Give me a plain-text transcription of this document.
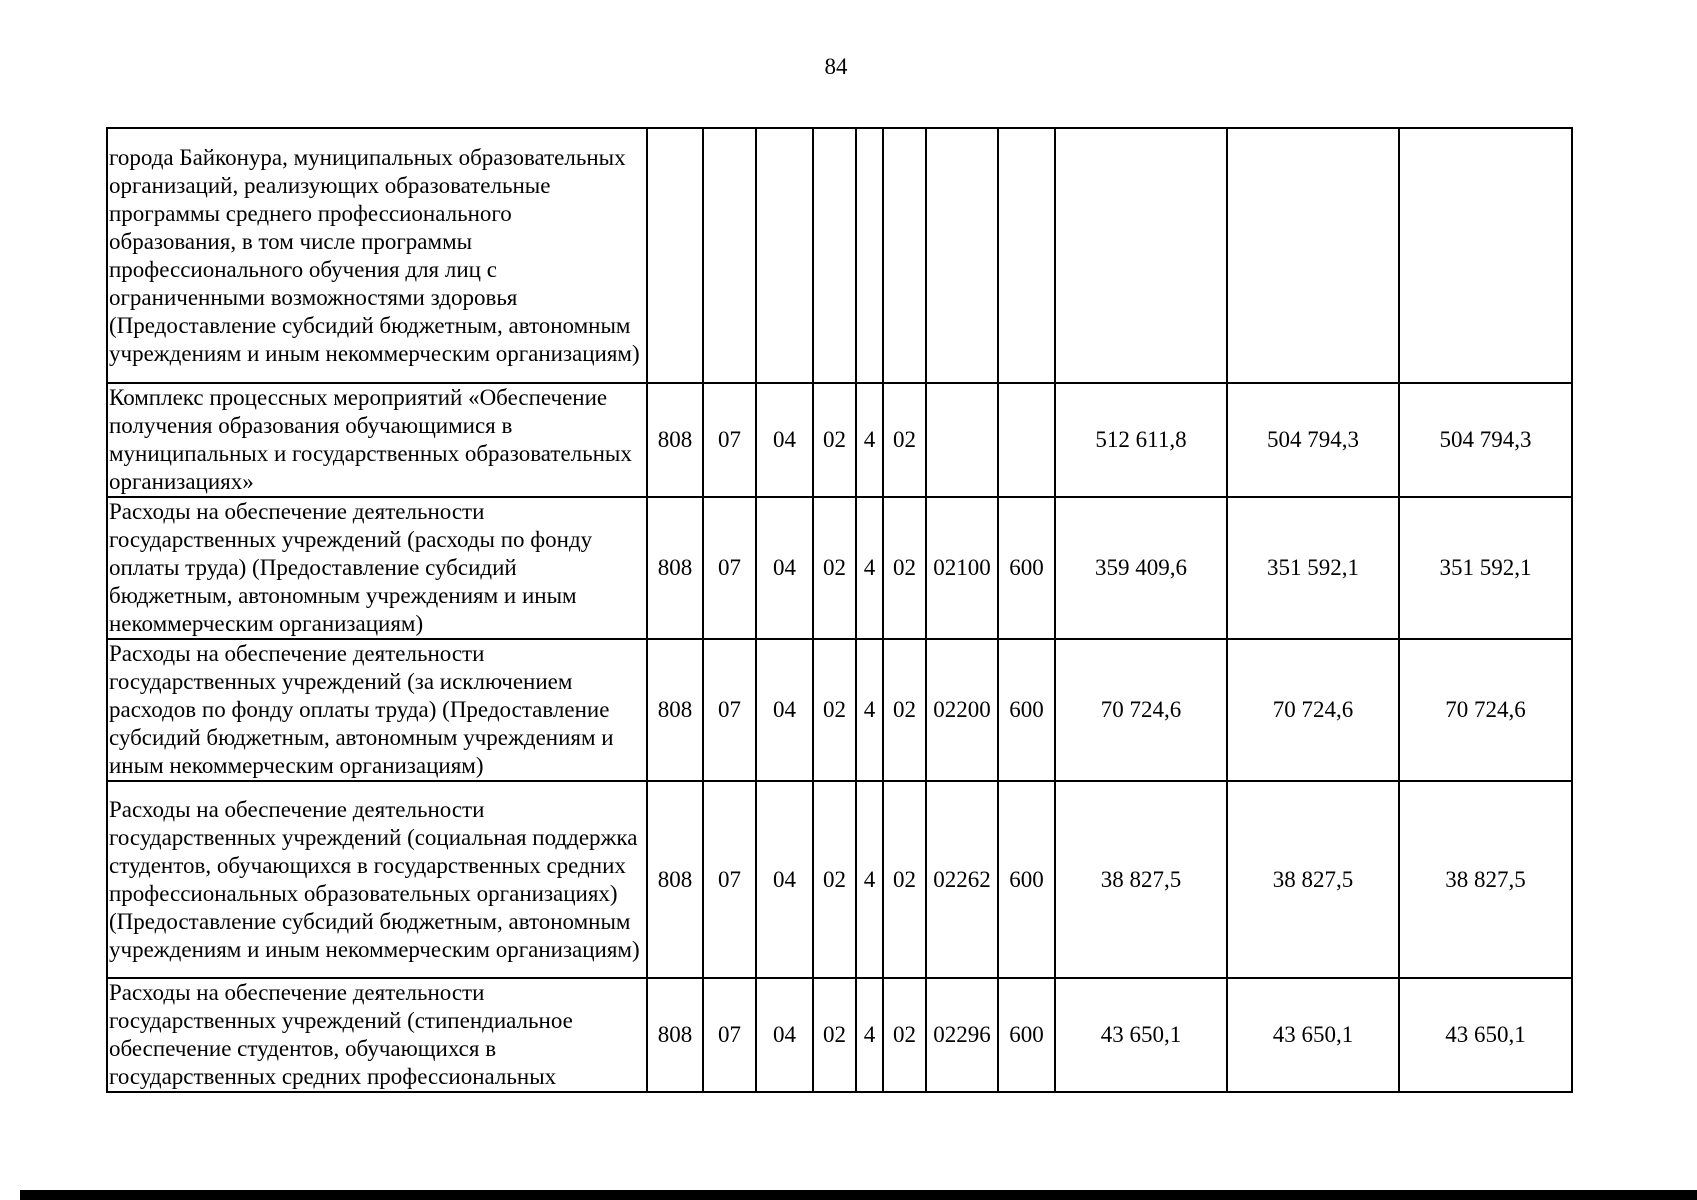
84
города Байконура, муниципальных образовательных организаций, реализующих образовательные программы среднего профессионального образования, в том числе программы профессионального обучения для лиц с ограниченными возможностями здоровья (Предоставление субсидий бюджетным, автономным учреждениям и иным некоммерческим организациям)											
Комплекс процессных мероприятий «Обеспечение получения образования обучающимися в муниципальных и государственных образовательных организациях»	808	07	04	02	4	02			512 611,8	504 794,3	504 794,3
Расходы на обеспечение деятельности государственных учреждений (расходы по фонду оплаты труда) (Предоставление субсидий бюджетным, автономным учреждениям и иным некоммерческим организациям)	808	07	04	02	4	02	02100	600	359 409,6	351 592,1	351 592,1
Расходы на обеспечение деятельности государственных учреждений (за исключением расходов по фонду оплаты труда) (Предоставление субсидий бюджетным, автономным учреждениям и иным некоммерческим организациям)	808	07	04	02	4	02	02200	600	70 724,6	70 724,6	70 724,6
Расходы на обеспечение деятельности государственных учреждений (социальная поддержка студентов, обучающихся в государственных средних профессиональных образовательных организациях) (Предоставление субсидий бюджетным, автономным учреждениям и иным некоммерческим организациям)	808	07	04	02	4	02	02262	600	38 827,5	38 827,5	38 827,5
Расходы на обеспечение деятельности государственных учреждений (стипендиальное обеспечение студентов, обучающихся в государственных средних профессиональных	808	07	04	02	4	02	02296	600	43 650,1	43 650,1	43 650,1
